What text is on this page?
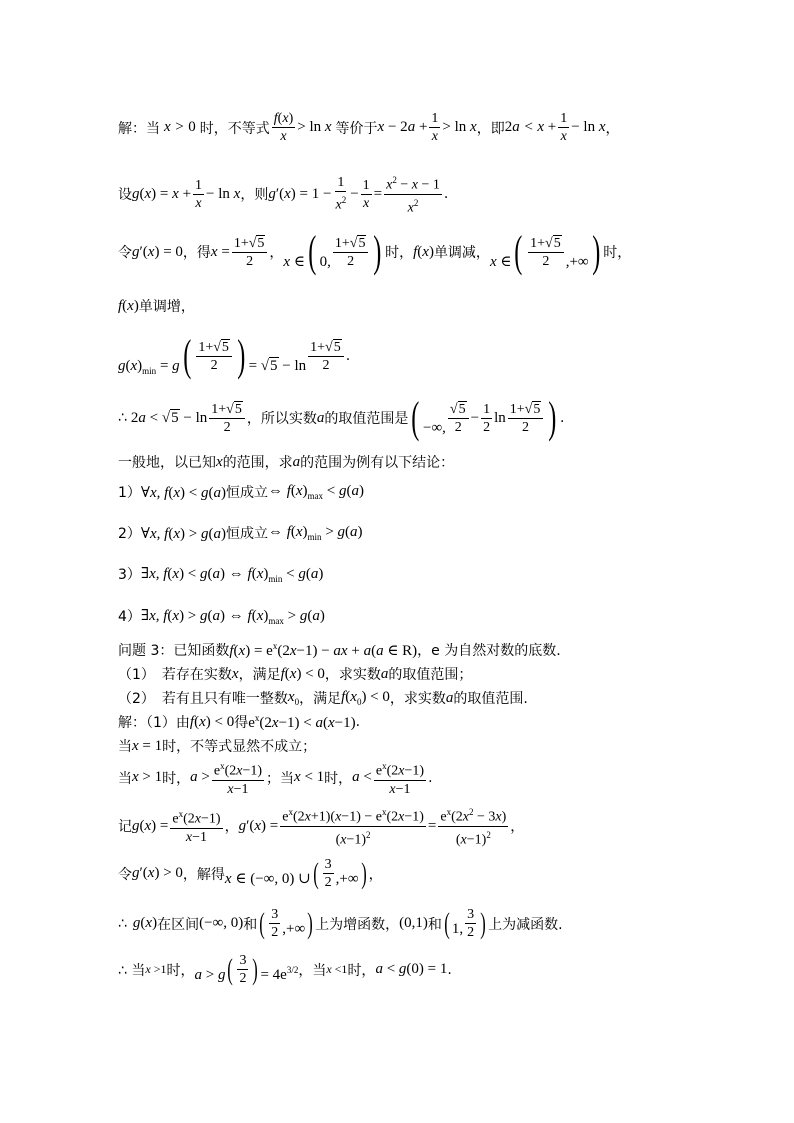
解：当 x > 0 时，不等式 $\frac{f(x)}{x} > \ln x$ 等价于 $x - 2a + \frac{1}{x} > \ln x$ ，即 $2a < x + \frac{1}{x} - \ln x$ ，
设 $g(x) = x + \frac{1}{x} - \ln x$ ，则 $g'(x) = 1 - \frac{1}{x^2} - \frac{1}{x} = \frac{x^2 - x - 1}{x^2}$ .
令 g′(x) = 0 ，得 $x = \frac{1+√5}{2}$ ，
x ∈( 0, $\frac{1+√5}{2}$ ) 时， f(x) 单调减，
x ∈( $\frac{1+√5}{2}$ ,+∞) 时，
f(x) 单调增，
$g(x)_{min} = g( \frac{1+√5}{2}$ ) = $√5 - \ln \frac{1+√5}{2}$ .
∴ $2a < √5 - \ln \frac{1+√5}{2}$ ，所以实数 a 的取值范围是 ( −∞, $\frac{√5}{2} - \frac{1}{2}$ $\ln \frac{1+√5}{2}$ ) .
一般地，以已知 x 的范围，求 a 的范围为例有以下结论：
1） ∀x, f(x) < g(a) 恒成立 ⇔ $f(x)_{max} < g(a)$
2） ∀x, f(x) > g(a) 恒成立 ⇔ $f(x)_{min} > g(a)$
3） ∃x, f(x) < g(a) ⇔ $f(x)_{min} < g(a)$
4） ∃x, f(x) > g(a) ⇔ $f(x)_{max} > g(a)$
问题 3：已知函数 $f(x) = e^x(2x-1)$ − ax + a(a ∈ R) ，e 为自然对数的底数.
（1）　若存在实数 x ，满足 f(x) < 0 ，求实数 a 的取值范围；
（2）　若有且只有唯一整数 $x_0$ ，满足 $f(x_0) < 0$ ，求实数 a 的取值范围.
解：（1）由 f(x) < 0 得 $e^x(2x-1) < a(x-1)$ .
当 x = 1 时，不等式显然不成立；
当 x > 1 时， $a > \frac{e^x(2x-1)}{x-1}$ ；当 x < 1 时， $a < \frac{e^x(2x-1)}{x-1}$ .
记 $g(x) = \frac{e^x(2x-1)}{x-1}$ ， $g'(x) = \frac{e^x(2x+1)(x-1) - e^x(2x-1)}{(x-1)^2} = \frac{e^x(2x^2 - 3x)}{(x-1)^2}$ ，
令 g′(x) > 0 ，解得 x ∈ (−∞, 0) ∪( $\frac{3}{2}$ ,+∞) ，
∴ g(x) 在区间 (−∞, 0) 和 ( $\frac{3}{2}$ ,+∞) 上为增函数， (0,1) 和 ( 1, $\frac{3}{2}$ ) 上为减函数.
∴ 当 x >1 时， $a > g( \frac{3}{2}$ ) = $4e^{3/2}$ ，当 x <1 时， a < g(0) = 1 .
